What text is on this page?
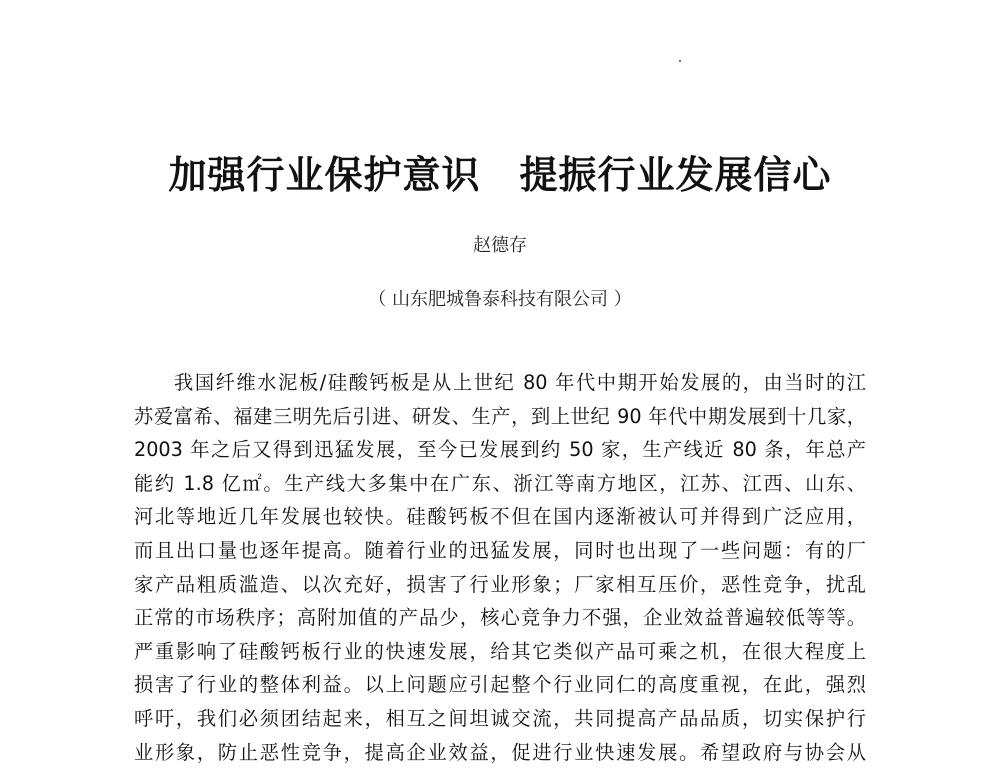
加强行业保护意识　提振行业发展信心
赵德存
（ 山东肥城鲁泰科技有限公司 ）
我国纤维水泥板/硅酸钙板是从上世纪 80 年代中期开始发展的，由当时的江
苏爱富希、福建三明先后引进、研发、生产，到上世纪 90 年代中期发展到十几家，
2003 年之后又得到迅猛发展，至今已发展到约 50 家，生产线近 80 条，年总产
能约 1.8 亿㎡。生产线大多集中在广东、浙江等南方地区，江苏、江西、山东、
河北等地近几年发展也较快。硅酸钙板不但在国内逐渐被认可并得到广泛应用，
而且出口量也逐年提高。随着行业的迅猛发展，同时也出现了一些问题：有的厂
家产品粗质滥造、以次充好，损害了行业形象；厂家相互压价，恶性竞争，扰乱
正常的市场秩序；高附加值的产品少，核心竞争力不强，企业效益普遍较低等等。
严重影响了硅酸钙板行业的快速发展，给其它类似产品可乘之机，在很大程度上
损害了行业的整体利益。以上问题应引起整个行业同仁的高度重视，在此，强烈
呼吁，我们必须团结起来，相互之间坦诚交流，共同提高产品品质，切实保护行
业形象，防止恶性竞争，提高企业效益，促进行业快速发展。希望政府与协会从
